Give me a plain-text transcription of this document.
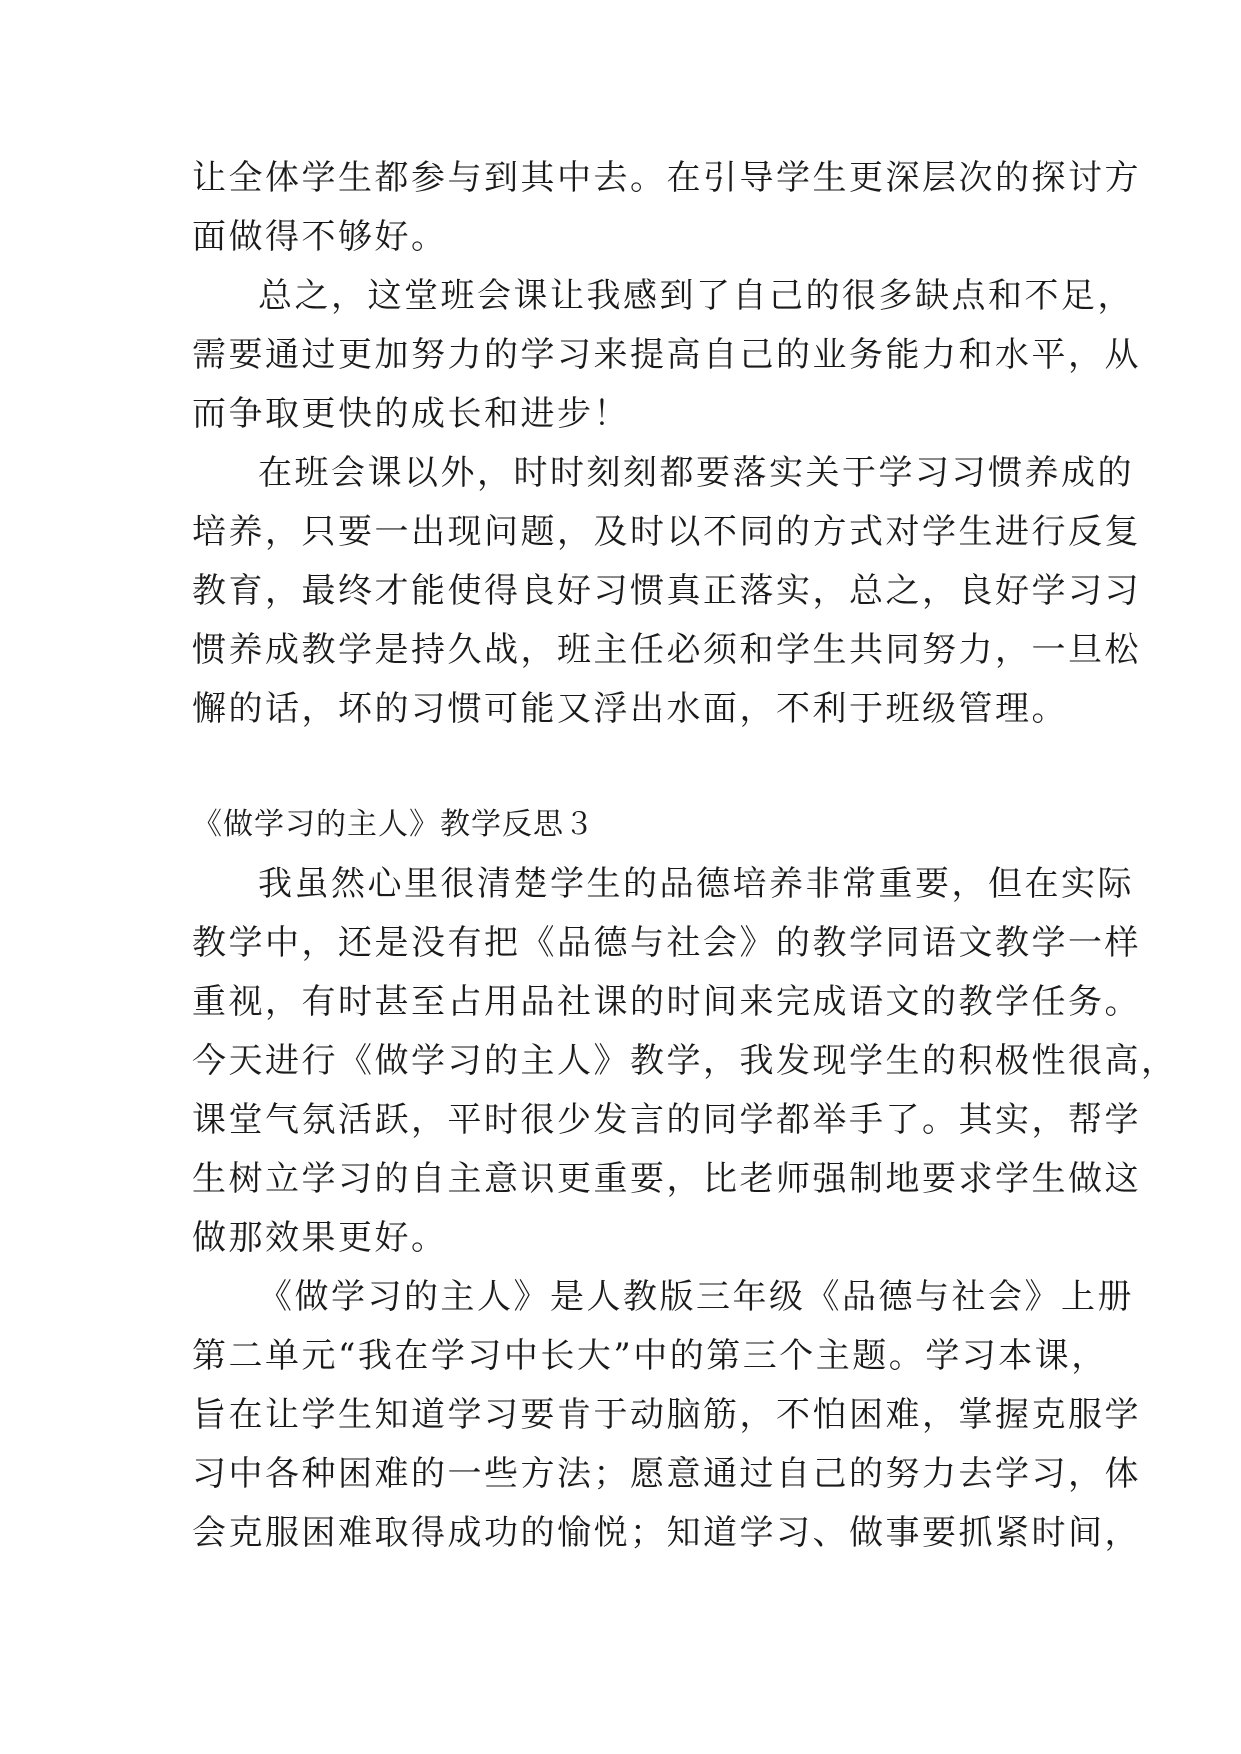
让全体学生都参与到其中去。在引导学生更深层次的探讨方
面做得不够好。
总之，这堂班会课让我感到了自己的很多缺点和不足，
需要通过更加努力的学习来提高自己的业务能力和水平，从
而争取更快的成长和进步！
在班会课以外，时时刻刻都要落实关于学习习惯养成的
培养，只要一出现问题，及时以不同的方式对学生进行反复
教育，最终才能使得良好习惯真正落实，总之，良好学习习
惯养成教学是持久战，班主任必须和学生共同努力，一旦松
懈的话，坏的习惯可能又浮出水面，不利于班级管理。
《做学习的主人》教学反思３
我虽然心里很清楚学生的品德培养非常重要，但在实际
教学中，还是没有把《品德与社会》的教学同语文教学一样
重视，有时甚至占用品社课的时间来完成语文的教学任务。
今天进行《做学习的主人》教学，我发现学生的积极性很高，
课堂气氛活跃，平时很少发言的同学都举手了。其实，帮学
生树立学习的自主意识更重要，比老师强制地要求学生做这
做那效果更好。
《做学习的主人》是人教版三年级《品德与社会》上册
第二单元“我在学习中长大”中的第三个主题。学习本课，
旨在让学生知道学习要肯于动脑筋，不怕困难，掌握克服学
习中各种困难的一些方法；愿意通过自己的努力去学习，体
会克服困难取得成功的愉悦；知道学习、做事要抓紧时间，
